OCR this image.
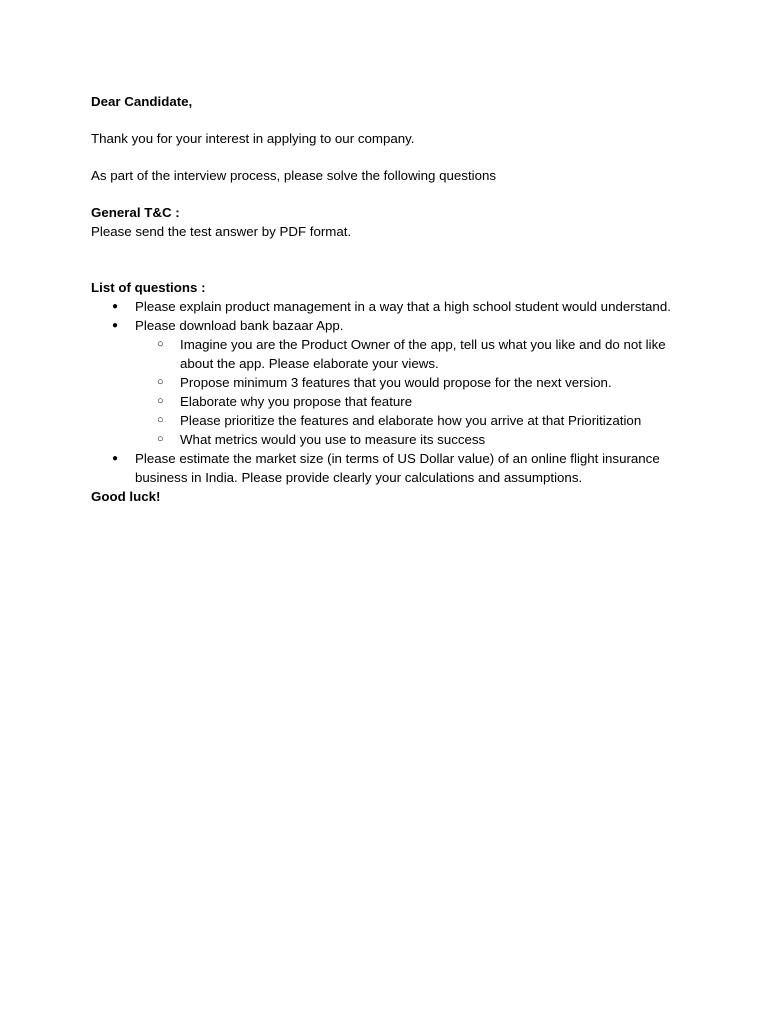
Dear Candidate,

Thank you for your interest in applying to our company.

As part of the interview process, please solve the following questions

General T&C :

Please send the test answer by PDF format.

List of questions :

● Please explain product management in a way that a high school student would understand.
● Please download bank bazaar App.
○ Imagine you are the Product Owner of the app, tell us what you like and do not like about the app. Please elaborate your views.
○ Propose minimum 3 features that you would propose for the next version.
○ Elaborate why you propose that feature
○ Please prioritize the features and elaborate how you arrive at that Prioritization
○ What metrics would you use to measure its success
● Please estimate the market size (in terms of US Dollar value) of an online flight insurance business in India. Please provide clearly your calculations and assumptions.

Good luck!
